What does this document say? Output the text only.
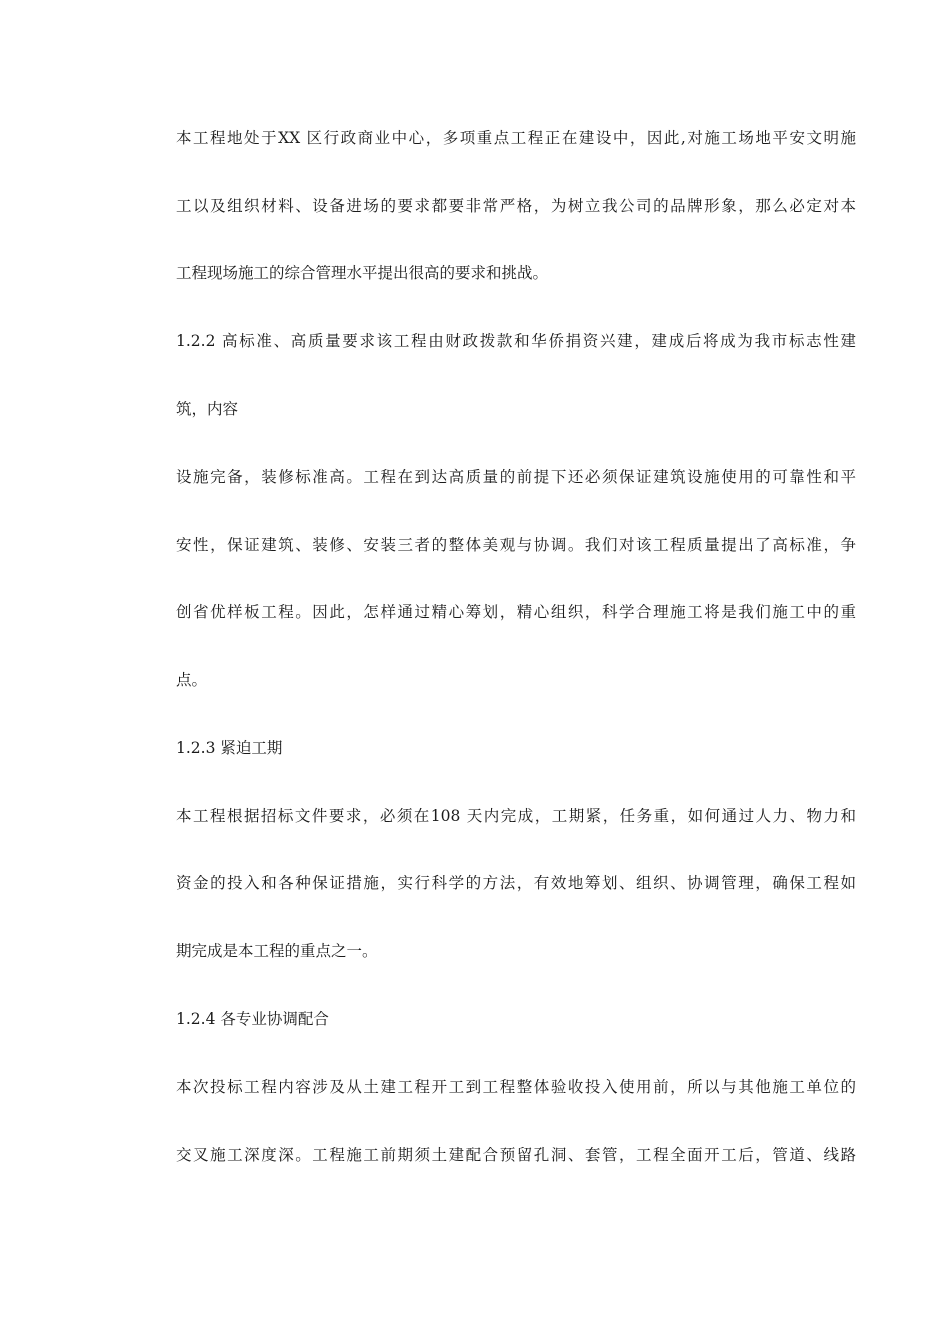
本工程地处于XX 区行政商业中心，多项重点工程正在建设中，因此,对施工场地平安文明施
工以及组织材料、设备进场的要求都要非常严格，为树立我公司的品牌形象，那么必定对本
工程现场施工的综合管理水平提出很高的要求和挑战。
1.2.2 高标准、高质量要求该工程由财政拨款和华侨捐资兴建，建成后将成为我市标志性建
筑，内容
设施完备，装修标准高。工程在到达高质量的前提下还必须保证建筑设施使用的可靠性和平
安性，保证建筑、装修、安装三者的整体美观与协调。我们对该工程质量提出了高标准，争
创省优样板工程。因此，怎样通过精心筹划，精心组织，科学合理施工将是我们施工中的重
点。
1.2.3 紧迫工期
本工程根据招标文件要求，必须在108 天内完成，工期紧，任务重，如何通过人力、物力和
资金的投入和各种保证措施，实行科学的方法，有效地筹划、组织、协调管理，确保工程如
期完成是本工程的重点之一。
1.2.4 各专业协调配合
本次投标工程内容涉及从土建工程开工到工程整体验收投入使用前，所以与其他施工单位的
交叉施工深度深。工程施工前期须土建配合预留孔洞、套管，工程全面开工后，管道、线路
